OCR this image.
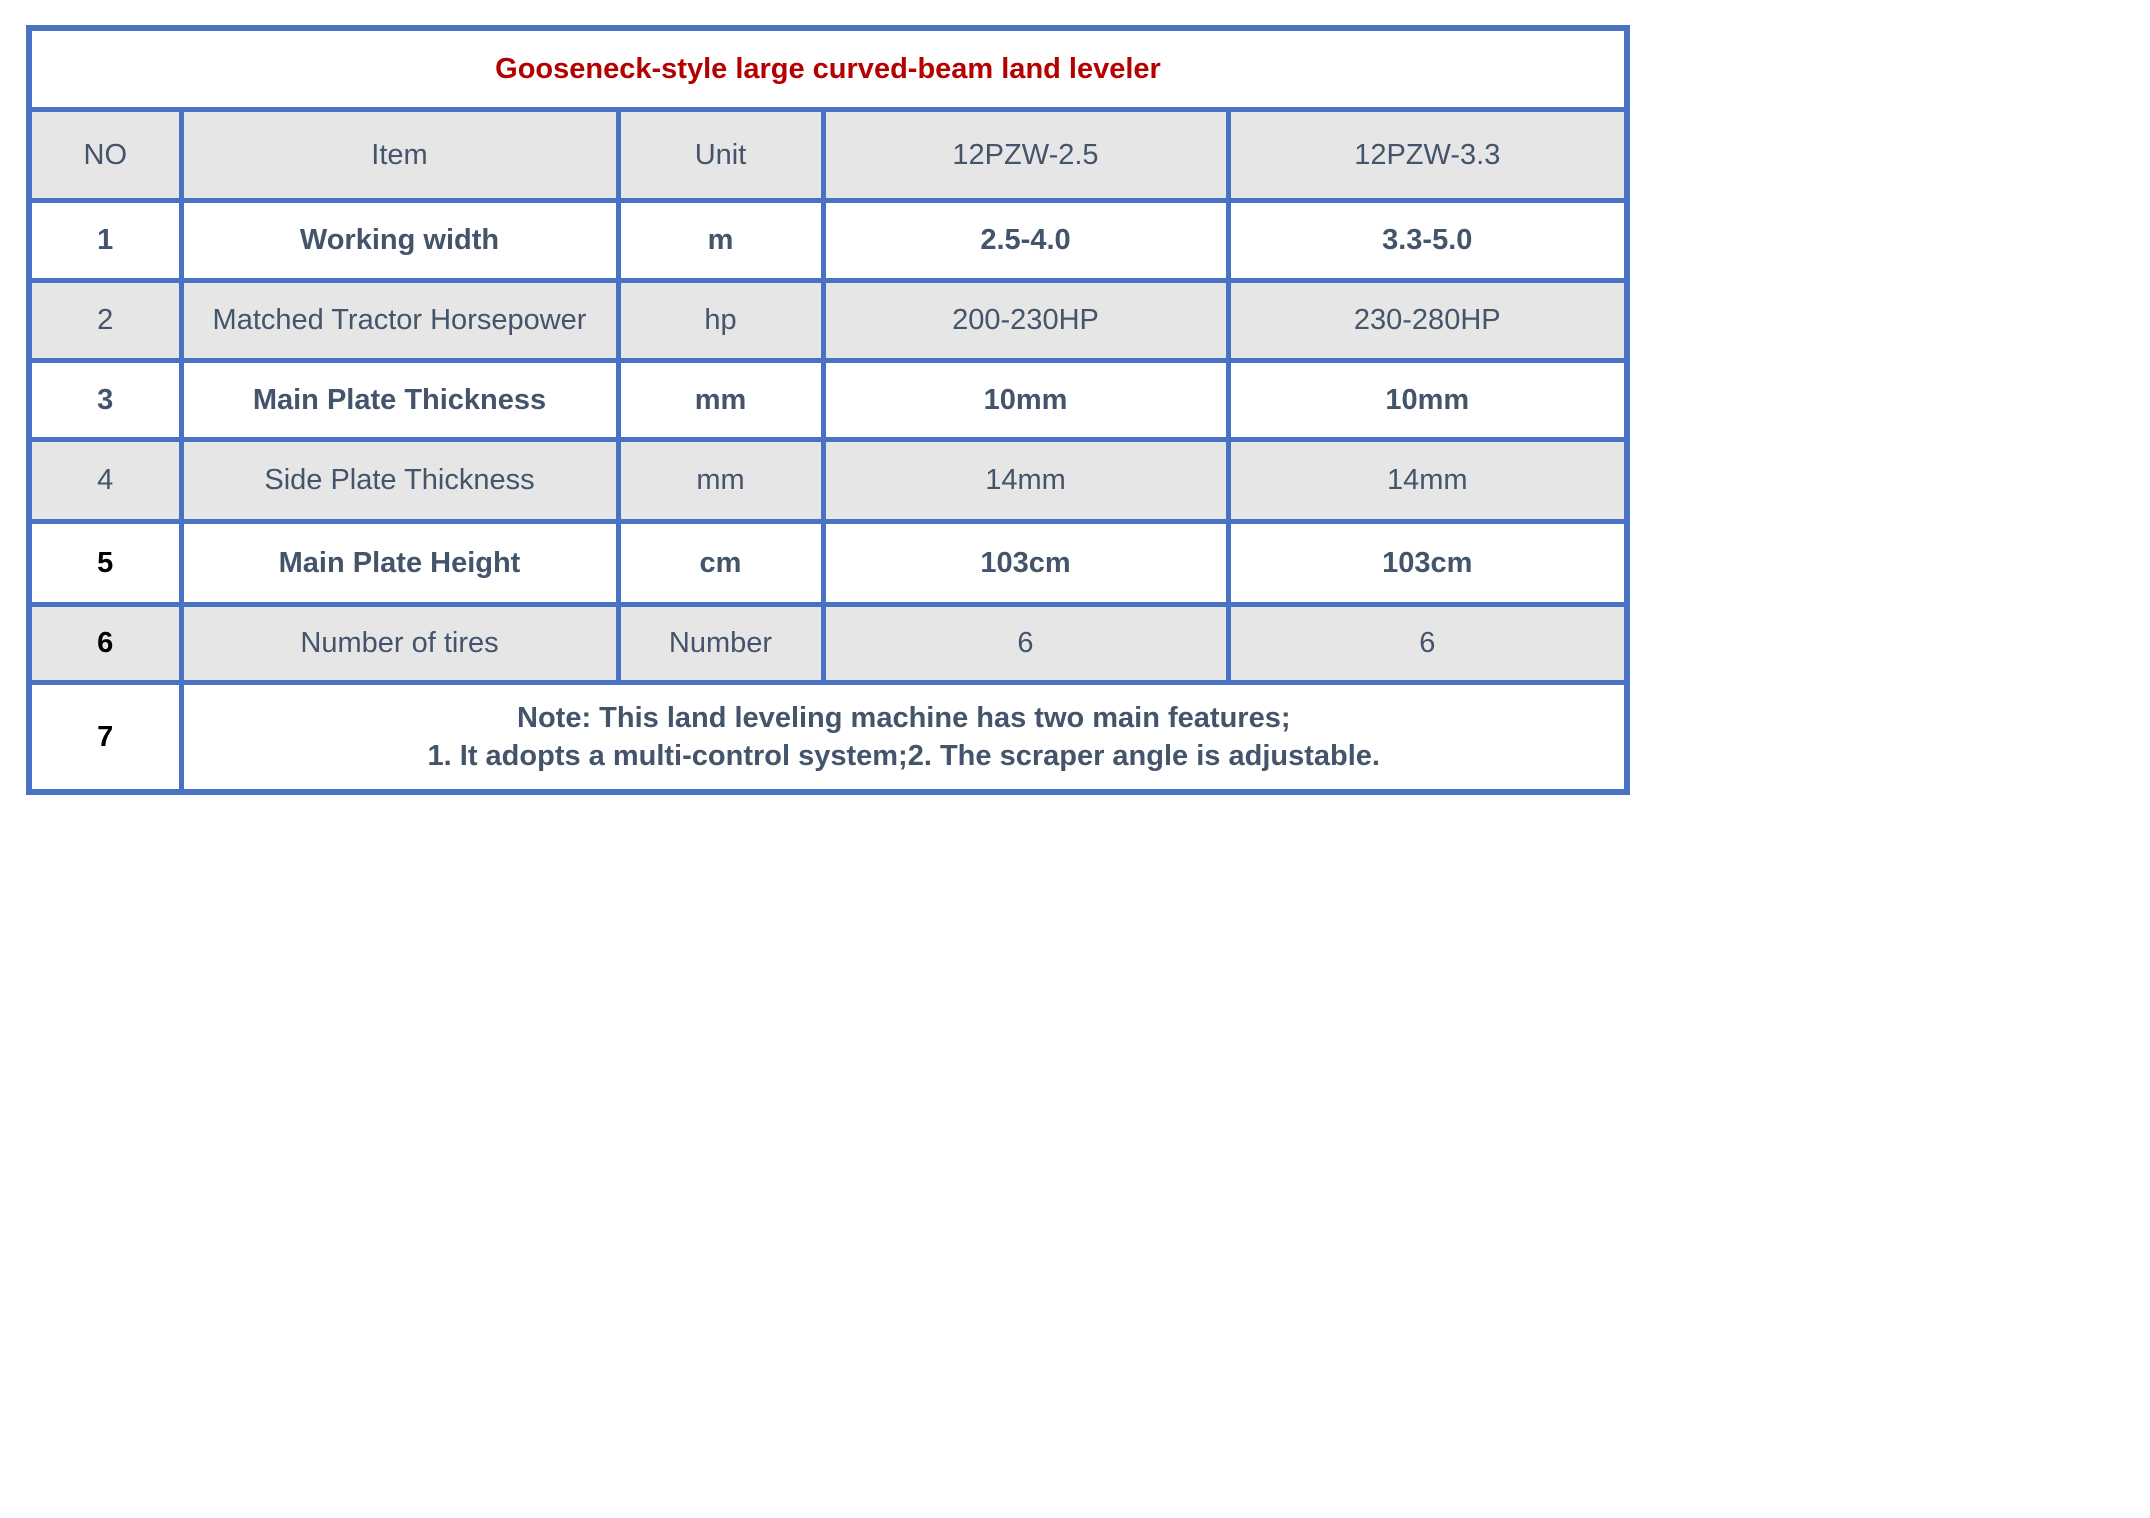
Gooseneck-style large curved-beam land leveler				
NO	Item	Unit	12PZW-2.5	12PZW-3.3
1	Working width	m	2.5-4.0	3.3-5.0
2	Matched Tractor Horsepower	hp	200-230HP	230-280HP
3	Main Plate Thickness	mm	10mm	10mm
4	Side Plate Thickness	mm	14mm	14mm
5	Main Plate Height	cm	103cm	103cm
6	Number of tires	Number	6	6
7	Note: This land leveling machine has two main features;
1. It adopts a multi-control system;2. The scraper angle is adjustable.			
